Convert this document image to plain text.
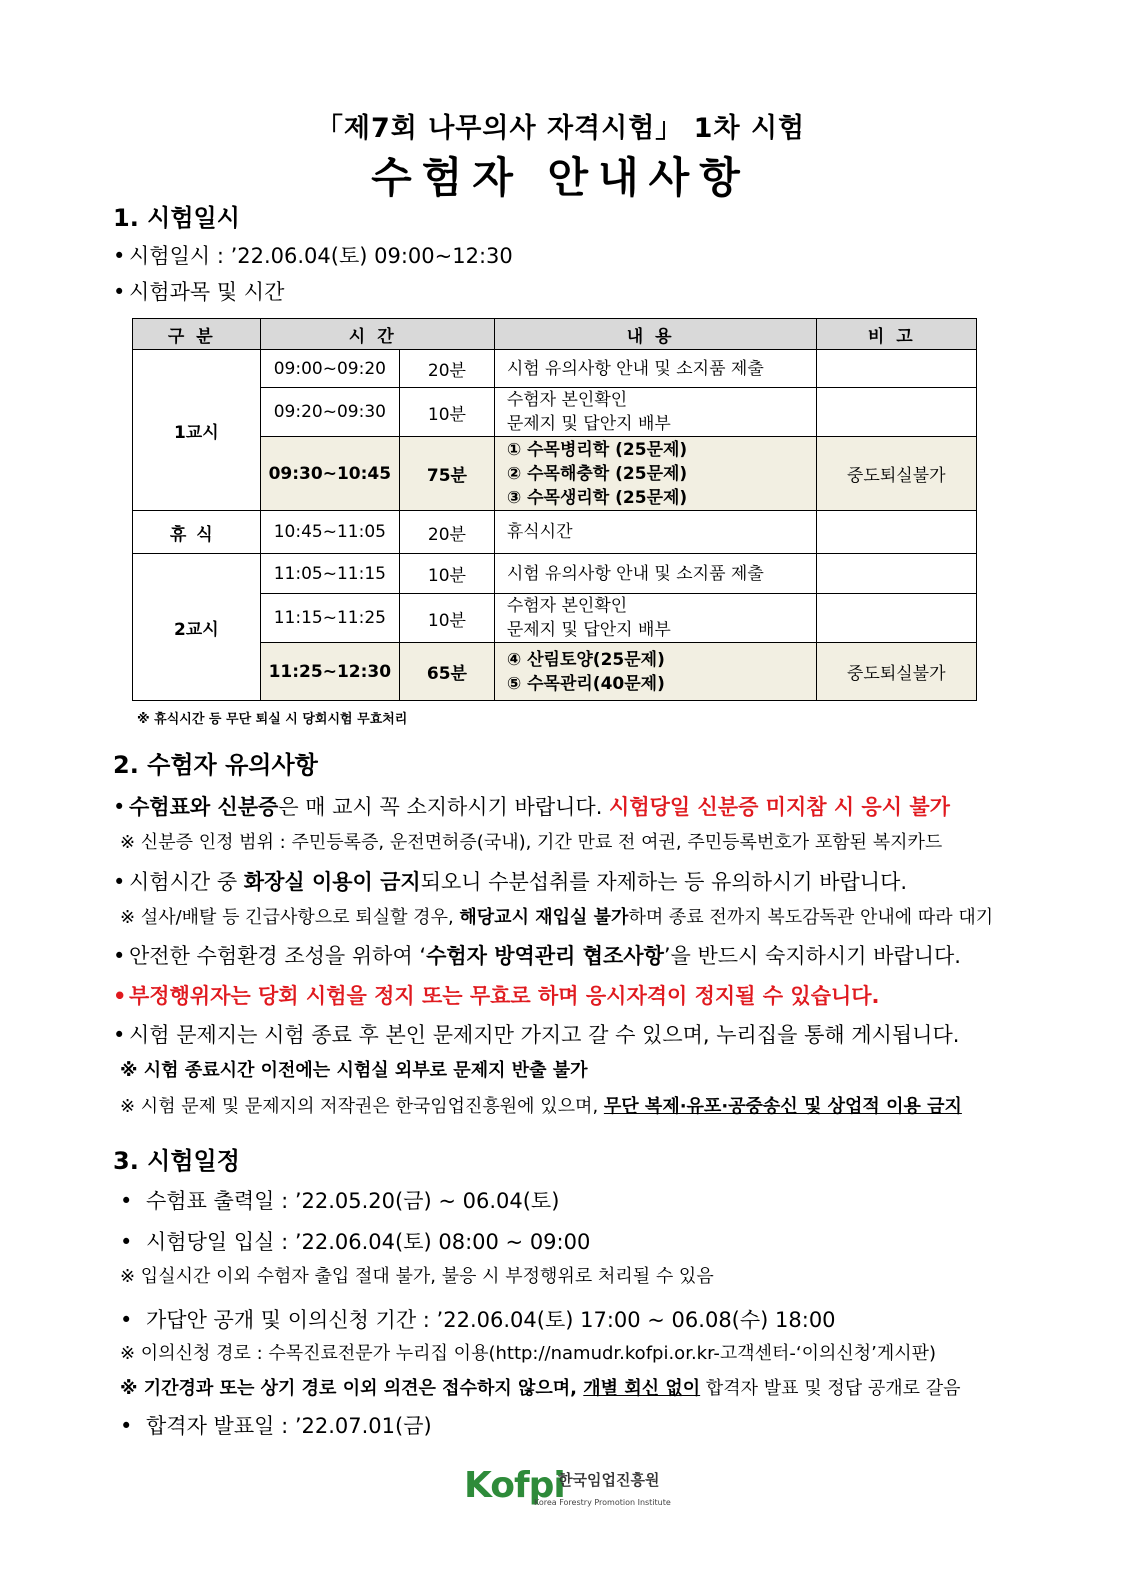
「제7회 나무의사 자격시험」 1차 시험
수험자 안내사항
1. 시험일시
• 시험일시 : ’22.06.04(토) 09:00~12:30
• 시험과목 및 시간
구분	시간		내용	비고
1교시	09:00~09:20	20분	시험 유의사항 안내 및 소지품 제출	
	09:20~09:30	10분	수험자 본인확인
문제지 및 답안지 배부	

	09:30~10:45	75분	① 수목병리학 (25문제)
② 수목해충학 (25문제)
③ 수목생리학 (25문제)	중도퇴실불가
휴식	10:45~11:05	20분	휴식시간	
2교시	11:05~11:15	10분	시험 유의사항 안내 및 소지품 제출	
	11:15~11:25	10분	수험자 본인확인
문제지 및 답안지 배부	

	11:25~12:30	65분	④ 산림토양(25문제)
⑤ 수목관리(40문제)	중도퇴실불가
※ 휴식시간 등 무단 퇴실 시 당회시험 무효처리
2. 수험자 유의사항
• 수험표와 신분증은 매 교시 꼭 소지하시기 바랍니다. 시험당일 신분증 미지참 시 응시 불가
※ 신분증 인정 범위 : 주민등록증, 운전면허증(국내), 기간 만료 전 여권, 주민등록번호가 포함된 복지카드
• 시험시간 중 화장실 이용이 금지되오니 수분섭취를 자제하는 등 유의하시기 바랍니다.
※ 설사/배탈 등 긴급사항으로 퇴실할 경우, 해당교시 재입실 불가하며 종료 전까지 복도감독관 안내에 따라 대기
• 안전한 수험환경 조성을 위하여 ‘수험자 방역관리 협조사항’을 반드시 숙지하시기 바랍니다.
• 부정행위자는 당회 시험을 정지 또는 무효로 하며 응시자격이 정지될 수 있습니다.
• 시험 문제지는 시험 종료 후 본인 문제지만 가지고 갈 수 있으며, 누리집을 통해 게시됩니다.
※ 시험 종료시간 이전에는 시험실 외부로 문제지 반출 불가
※ 시험 문제 및 문제지의 저작권은 한국임업진흥원에 있으며, 무단 복제·유포·공중송신 및 상업적 이용 금지
3. 시험일정
• 수험표 출력일 : ’22.05.20(금) ~ 06.04(토)
• 시험당일 입실 : ’22.06.04(토) 08:00 ~ 09:00
※ 입실시간 이외 수험자 출입 절대 불가, 불응 시 부정행위로 처리될 수 있음
• 가답안 공개 및 이의신청 기간 : ’22.06.04(토) 17:00 ~ 06.08(수) 18:00
※ 이의신청 경로 : 수목진료전문가 누리집 이용(http://namudr.kofpi.or.kr-고객센터-‘이의신청’게시판)
※ 기간경과 또는 상기 경로 이외 의견은 접수하지 않으며, 개별 회신 없이 합격자 발표 및 정답 공개로 갈음
• 합격자 발표일 : ’22.07.01(금)
Kofpi
한국임업진흥원
Korea Forestry Promotion Institute
